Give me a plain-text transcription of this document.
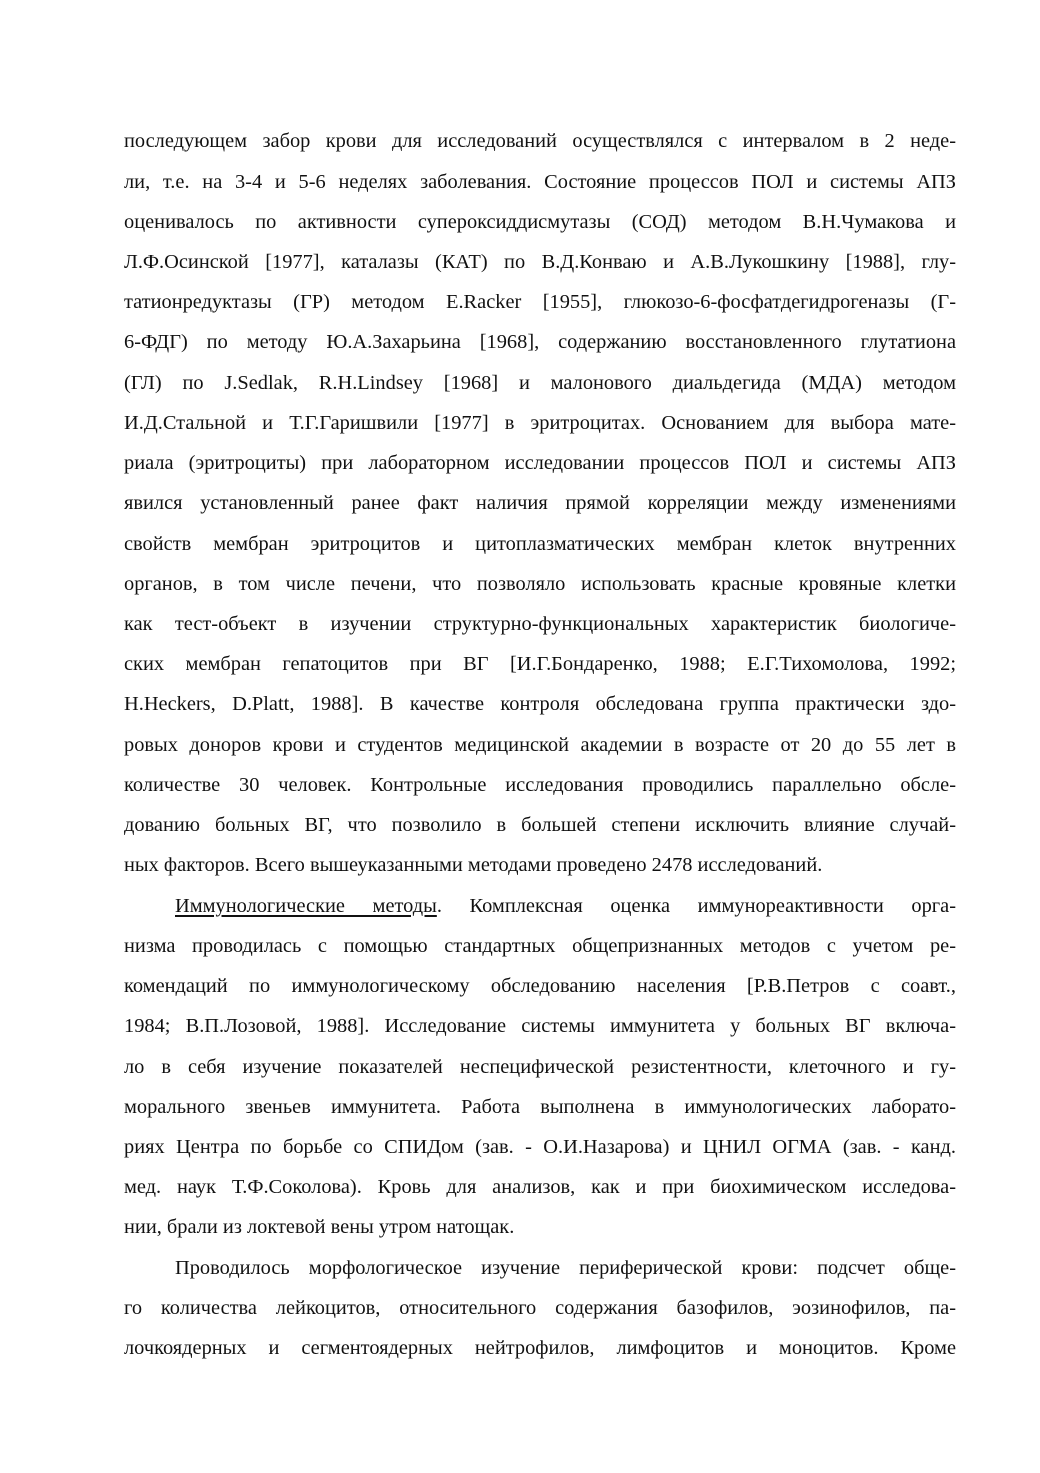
последующем забор крови для исследований осуществлялся с интервалом в 2 неде-
ли, т.е. на 3-4 и 5-6 неделях заболевания. Состояние процессов ПОЛ и системы АПЗ
оценивалось по активности супероксиддисмутазы (СОД) методом В.Н.Чумакова и
Л.Ф.Осинской [1977], каталазы (КАТ) по В.Д.Конваю и А.В.Лукошкину [1988], глу-
татионредуктазы (ГР) методом E.Racker [1955], глюкозо-6-фосфатдегидрогеназы (Г-
6-ФДГ) по методу Ю.А.Захарьина [1968], содержанию восстановленного глутатиона
(ГЛ) по J.Sedlak, R.H.Lindsey [1968] и малонового диальдегида (МДА) методом
И.Д.Стальной и Т.Г.Гаришвили [1977] в эритроцитах. Основанием для выбора мате-
риала (эритроциты) при лабораторном исследовании процессов ПОЛ и системы АПЗ
явился установленный ранее факт наличия прямой корреляции между изменениями
свойств мембран эритроцитов и цитоплазматических мембран клеток внутренних
органов, в том числе печени, что позволяло использовать красные кровяные клетки
как тест-объект в изучении структурно-функциональных характеристик биологиче-
ских мембран гепатоцитов при ВГ [И.Г.Бондаренко, 1988; Е.Г.Тихомолова, 1992;
H.Heckers, D.Platt, 1988]. В качестве контроля обследована группа практически здо-
ровых доноров крови и студентов медицинской академии в возрасте от 20 до 55 лет в
количестве 30 человек. Контрольные исследования проводились параллельно обсле-
дованию больных ВГ, что позволило в большей степени исключить влияние случай-
ных факторов. Всего вышеуказанными методами проведено 2478 исследований.
Иммунологические методы. Комплексная оценка иммунореактивности орга-
низма проводилась с помощью стандартных общепризнанных методов с учетом ре-
комендаций по иммунологическому обследованию населения [Р.В.Петров с соавт.,
1984; В.П.Лозовой, 1988]. Исследование системы иммунитета у больных ВГ включа-
ло в себя изучение показателей неспецифической резистентности, клеточного и гу-
морального звеньев иммунитета. Работа выполнена в иммунологических лаборато-
риях Центра по борьбе со СПИДом (зав. - О.И.Назарова) и ЦНИЛ ОГМА (зав. - канд.
мед. наук Т.Ф.Соколова). Кровь для анализов, как и при биохимическом исследова-
нии, брали из локтевой вены утром натощак.
Проводилось морфологическое изучение периферической крови: подсчет обще-
го количества лейкоцитов, относительного содержания базофилов, эозинофилов, па-
лочкоядерных и сегментоядерных нейтрофилов, лимфоцитов и моноцитов. Кроме
